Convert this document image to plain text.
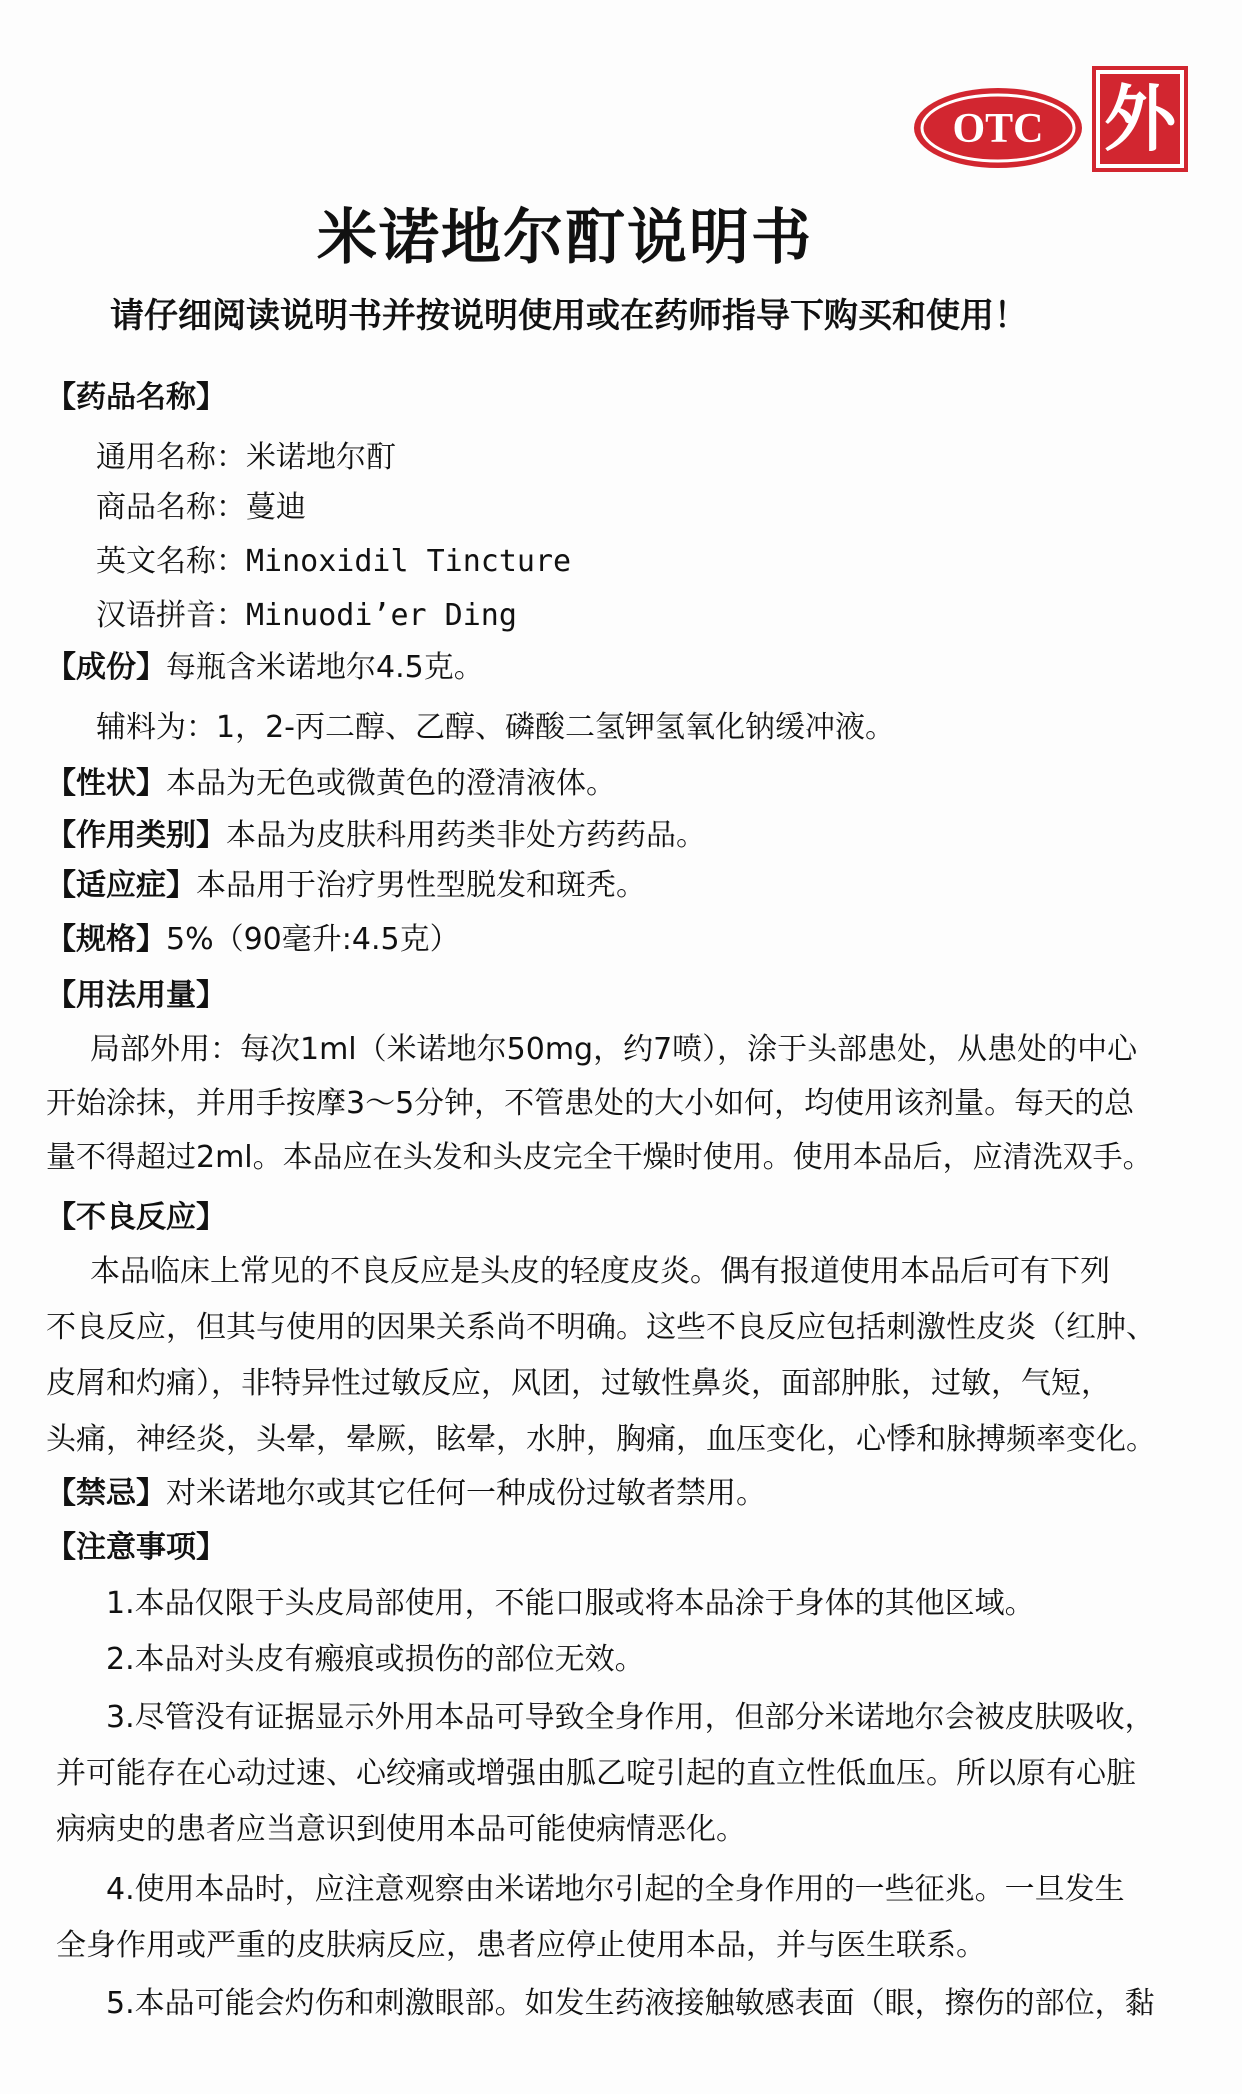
OTC 外
米诺地尔酊说明书
请仔细阅读说明书并按说明使用或在药师指导下购买和使用！
【药品名称】
通用名称：米诺地尔酊
商品名称：蔓迪
英文名称：Minoxidil Tincture
汉语拼音：Minuodi’er Ding
【成份】每瓶含米诺地尔4.5克。
辅料为：1，2-丙二醇、乙醇、磷酸二氢钾氢氧化钠缓冲液。
【性状】本品为无色或微黄色的澄清液体。
【作用类别】本品为皮肤科用药类非处方药药品。
【适应症】本品用于治疗男性型脱发和斑秃。
【规格】5%（90毫升:4.5克）
【用法用量】
局部外用：每次1ml（米诺地尔50mg，约7喷），涂于头部患处，从患处的中心
开始涂抹，并用手按摩3～5分钟，不管患处的大小如何，均使用该剂量。每天的总
量不得超过2ml。本品应在头发和头皮完全干燥时使用。使用本品后，应清洗双手。
【不良反应】
本品临床上常见的不良反应是头皮的轻度皮炎。偶有报道使用本品后可有下列
不良反应，但其与使用的因果关系尚不明确。这些不良反应包括刺激性皮炎（红肿、
皮屑和灼痛），非特异性过敏反应，风团，过敏性鼻炎，面部肿胀，过敏，气短，
头痛，神经炎，头晕，晕厥，眩晕，水肿，胸痛，血压变化，心悸和脉搏频率变化。
【禁忌】对米诺地尔或其它任何一种成份过敏者禁用。
【注意事项】
1.本品仅限于头皮局部使用，不能口服或将本品涂于身体的其他区域。
2.本品对头皮有瘢痕或损伤的部位无效。
3.尽管没有证据显示外用本品可导致全身作用，但部分米诺地尔会被皮肤吸收，
并可能存在心动过速、心绞痛或增强由胍乙啶引起的直立性低血压。所以原有心脏
病病史的患者应当意识到使用本品可能使病情恶化。
4.使用本品时，应注意观察由米诺地尔引起的全身作用的一些征兆。一旦发生
全身作用或严重的皮肤病反应，患者应停止使用本品，并与医生联系。
5.本品可能会灼伤和刺激眼部。如发生药液接触敏感表面（眼，擦伤的部位，黏
